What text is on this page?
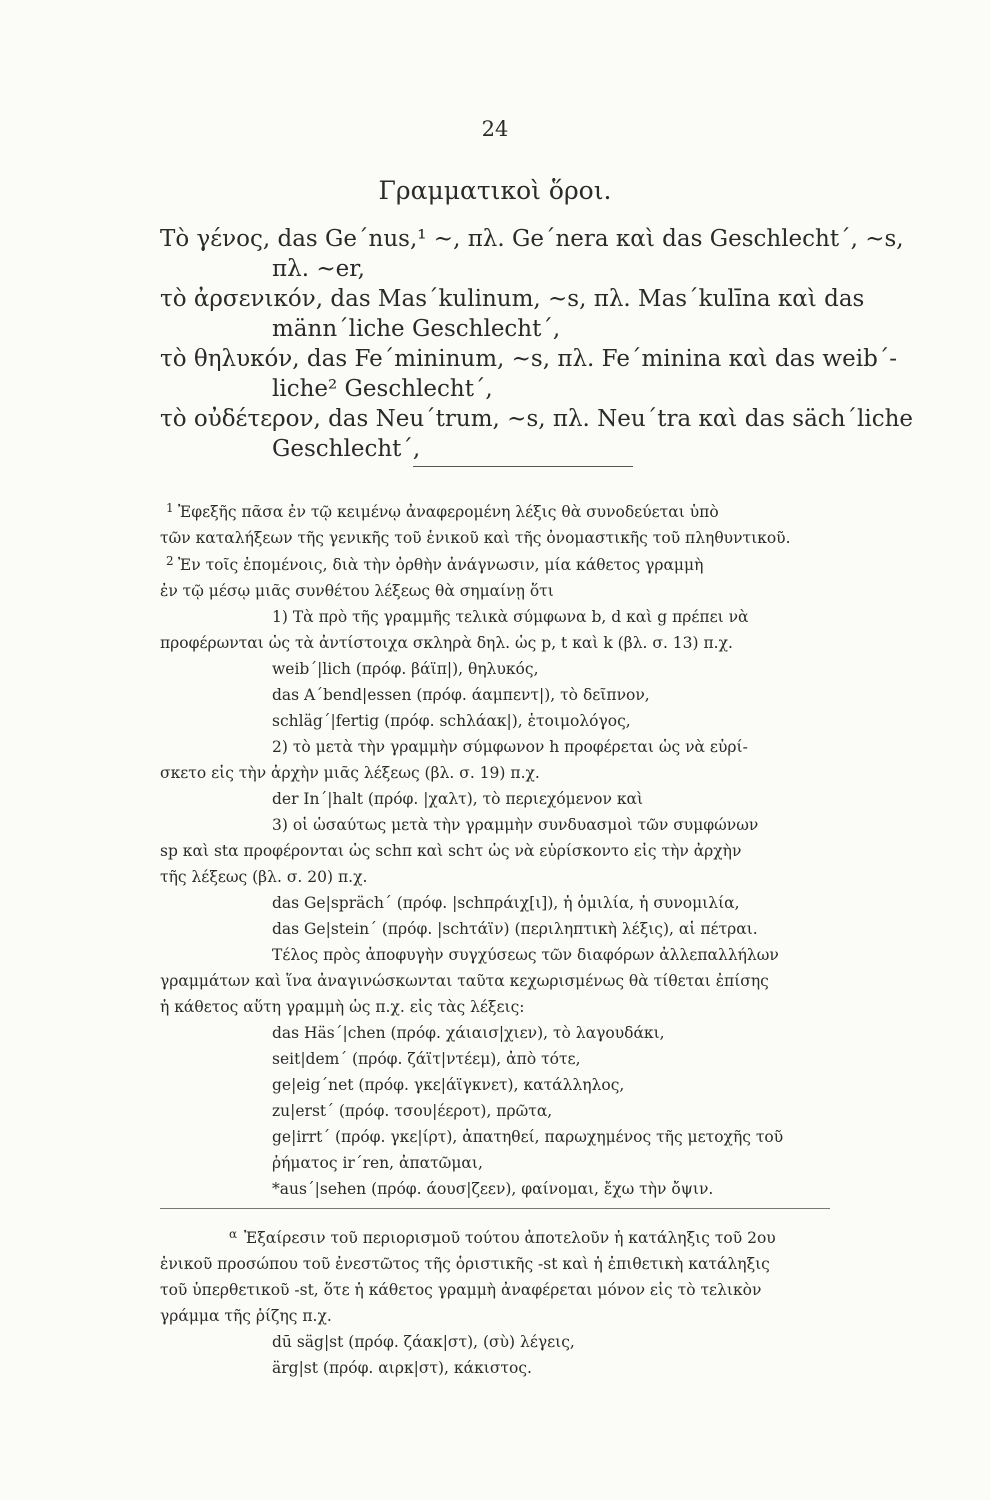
24
Γραμματικοὶ ὅροι.
Τὸ γένος, das Ge´nus,¹ ~, πλ. Ge´nera καὶ das Geschlecht´, ~s,
πλ. ~er,
τὸ ἀρσενικόν, das Mas´kulinum, ~s, πλ. Mas´kulīna καὶ das
männ´liche Geschlecht´,
τὸ θηλυκόν, das Fe´mininum, ~s, πλ. Fe´minina καὶ das weib´-
liche² Geschlecht´,
τὸ οὐδέτερον, das Neu´trum, ~s, πλ. Neu´tra καὶ das säch´liche
Geschlecht´,
1 Ἐφεξῆς πᾶσα ἐν τῷ κειμένῳ ἀναφερομένη λέξις θὰ συνοδεύεται ὑπὸ
τῶν καταλήξεων τῆς γενικῆς τοῦ ἑνικοῦ καὶ τῆς ὀνομαστικῆς τοῦ πληθυντικοῦ.
2 Ἐν τοῖς ἑπομένοις, διὰ τὴν ὀρθὴν ἀνάγνωσιν, μία κάθετος γραμμὴ
ἐν τῷ μέσῳ μιᾶς συνθέτου λέξεως θὰ σημαίνῃ ὅτι
1) Τὰ πρὸ τῆς γραμμῆς τελικὰ σύμφωνα b, d καὶ g πρέπει νὰ
προφέρωνται ὡς τὰ ἀντίστοιχα σκληρὰ δηλ. ὡς p, t καὶ k (βλ. σ. 13) π.χ.
weib´|lich (πρόφ. βάϊπ|), θηλυκός,
das A´bend|essen (πρόφ. άαμπεντ|), τὸ δεῖπνον,
schläg´|fertig (πρόφ. schλάακ|), ἑτοιμολόγος,
2) τὸ μετὰ τὴν γραμμὴν σύμφωνον h προφέρεται ὡς νὰ εὑρί-
σκετο εἰς τὴν ἀρχὴν μιᾶς λέξεως (βλ. σ. 19) π.χ.
der In´|halt (πρόφ. |χαλτ), τὸ περιεχόμενον καὶ
3) οἱ ὡσαύτως μετὰ τὴν γραμμὴν συνδυασμοὶ τῶν συμφώνων
sp καὶ stα προφέρονται ὡς schπ καὶ schτ ὡς νὰ εὑρίσκοντο εἰς τὴν ἀρχὴν
τῆς λέξεως (βλ. σ. 20) π.χ.
das Ge|spräch´ (πρόφ. |schπράιχ[ι]), ἡ ὁμιλία, ἡ συνομιλία,
das Ge|stein´ (πρόφ. |schτάϊν) (περιληπτικὴ λέξις), αἱ πέτραι.
Τέλος πρὸς ἀποφυγὴν συγχύσεως τῶν διαφόρων ἀλλεπαλλήλων
γραμμάτων καὶ ἵνα ἀναγινώσκωνται ταῦτα κεχωρισμένως θὰ τίθεται ἐπίσης
ἡ κάθετος αὕτη γραμμὴ ὡς π.χ. εἰς τὰς λέξεις:
das Häs´|chen (πρόφ. χάιαισ|χιεν), τὸ λαγουδάκι,
seit|dem´ (πρόφ. ζάϊτ|ντέεμ), ἀπὸ τότε,
ge|eig´net (πρόφ. γκε|άϊγκνετ), κατάλληλος,
zu|erst´ (πρόφ. τσου|έεροτ), πρῶτα,
ge|irrt´ (πρόφ. γκε|ίρτ), ἀπατηθεί, παρωχημένος τῆς μετοχῆς τοῦ
ῥήματος ir´ren, ἀπατῶμαι,
*aus´|sehen (πρόφ. άουσ|ζεεν), φαίνομαι, ἔχω τὴν ὄψιν.
α Ἐξαίρεσιν τοῦ περιορισμοῦ τούτου ἀποτελοῦν ἡ κατάληξις τοῦ 2ου
ἑνικοῦ προσώπου τοῦ ἐνεστῶτος τῆς ὁριστικῆς -st καὶ ἡ ἐπιθετικὴ κατάληξις
τοῦ ὑπερθετικοῦ -st, ὅτε ἡ κάθετος γραμμὴ ἀναφέρεται μόνον εἰς τὸ τελικὸν
γράμμα τῆς ῥίζης π.χ.
dū säg|st (πρόφ. ζάακ|στ), (σὺ) λέγεις,
ärg|st (πρόφ. αιρκ|στ), κάκιστος.
